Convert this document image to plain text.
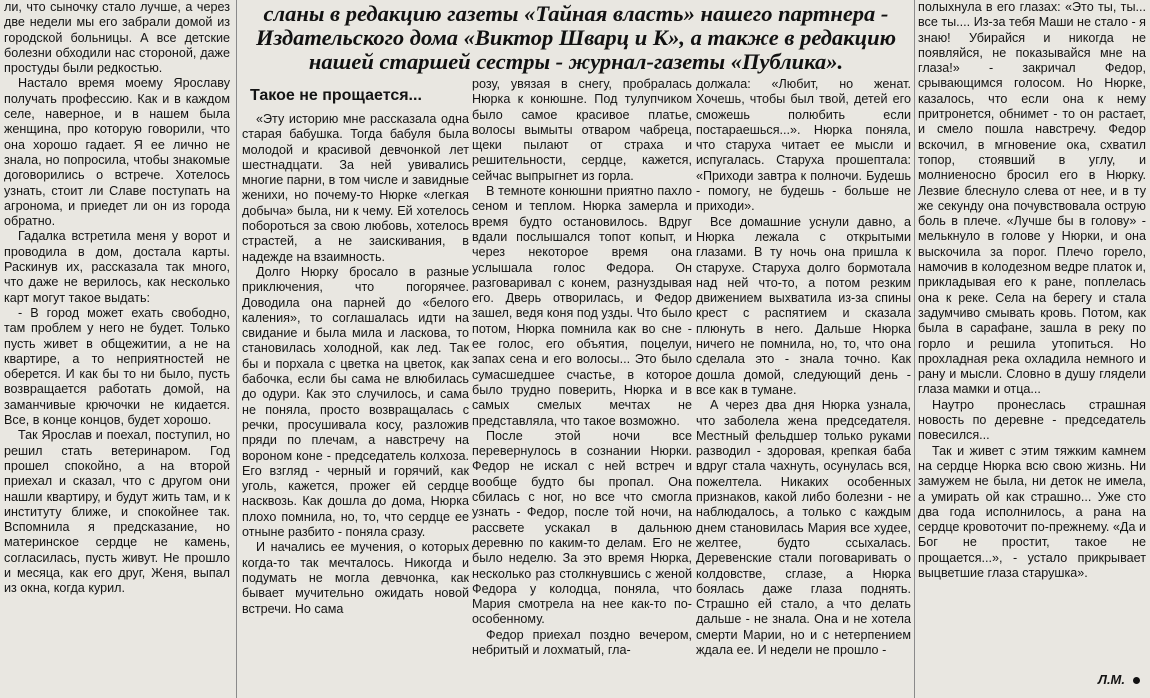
сланы в редакцию газеты «Тайная власть» нашего партнера - Издательского дома «Виктор Шварц и К», а также в редакцию нашей старшей сестры - журнал-газеты «Публика».
Такое не прощается...

ли, что сыночку стало лучше, а через две недели мы его забрали домой из городской больницы. А все детские болезни обходили нас стороной, даже простуды были редкостью.

Настало время моему Ярославу получать профессию. Как и в каждом селе, наверное, и в нашем была женщина, про которую говорили, что она хорошо гадает. Я ее лично не знала, но попросила, чтобы знакомые договорились о встрече. Хотелось узнать, стоит ли Славе поступать на агронома, и приедет ли он из города обратно.

Гадалка встретила меня у ворот и проводила в дом, достала карты. Раскинув их, рассказала так много, что даже не верилось, как несколько карт могут такое выдать:

- В город может ехать свободно, там проблем у него не будет. Только пусть живет в общежитии, а не на квартире, а то неприятностей не оберется. И как бы то ни было, пусть возвращается работать домой, на заманчивые крючочки не кидается. Все, в конце концов, будет хорошо.

Так Ярослав и поехал, поступил, но решил стать ветеринаром. Год прошел спокойно, а на второй приехал и сказал, что с другом они нашли квартиру, и будут жить там, и к институту ближе, и спокойнее так. Вспомнила я предсказание, но материнское сердце не камень, согласилась, пусть живут. Не прошло и месяца, как его друг, Женя, выпал из окна, когда курил.

«Эту историю мне рассказала одна старая бабушка. Тогда бабуля была молодой и красивой девчонкой лет шестнадцати. За ней увивались многие парни, в том числе и завидные женихи, но почему-то Нюрке «легкая добыча» была, ни к чему. Ей хотелось побороться за свою любовь, хотелось страстей, а не заискивания, в надежде на взаимность.

Долго Нюрку бросало в разные приключения, что погорячее. Доводила она парней до «белого каления», то соглашалась идти на свидание и была мила и ласкова, то становилась холодной, как лед. Так бы и порхала с цветка на цветок, как бабочка, если бы сама не влюбилась до одури. Как это случилось, и сама не поняла, просто возвращалась с речки, просушивала косу, разложив пряди по плечам, а навстречу на вороном коне - председатель колхоза. Его взгляд - черный и горячий, как уголь, кажется, прожег ей сердце насквозь. Как дошла до дома, Нюрка плохо помнила, но, то, что сердце ее отныне разбито - поняла сразу.

И начались ее мучения, о которых когда-то так мечталось. Никогда и подумать не могла девчонка, как бывает мучительно ожидать новой встречи. Но сама

розу, увязая в снегу, пробралась Нюрка к конюшне. Под тулупчиком было самое красивое платье, волосы вымыты отваром чабреца, щеки пылают от страха и решительности, сердце, кажется, сейчас выпрыгнет из горла.

В темноте конюшни приятно пахло сеном и теплом. Нюрка замерла и время будто остановилось. Вдруг вдали послышался топот копыт, и через некоторое время она услышала голос Федора. Он разговаривал с конем, разнуздывая его. Дверь отворилась, и Федор зашел, ведя коня под узды. Что было потом, Нюрка помнила как во сне - ее голос, его объятия, поцелуи, запах сена и его волосы... Это было сумасшедшее счастье, в которое было трудно поверить, Нюрка и в самых смелых мечтах не представляла, что такое возможно.

После этой ночи все перевернулось в сознании Нюрки. Федор не искал с ней встреч и вообще будто бы пропал. Она сбилась с ног, но все что смогла узнать - Федор, после той ночи, на рассвете ускакал в дальнюю деревню по каким-то делам. Его не было неделю. За это время Нюрка, несколько раз столкнувшись с женой Федора у колодца, поняла, что Мария смотрела на нее как-то по-особенному.

Федор приехал поздно вечером, небритый и лохматый, гла-

должала: «Любит, но женат. Хочешь, чтобы был твой, детей его сможешь полюбить если постараешься...». Нюрка поняла, что старуха читает ее мысли и испугалась. Старуха прошептала: «Приходи завтра к полночи. Будешь - помогу, не будешь - больше не приходи».

Все домашние уснули давно, а Нюрка лежала с открытыми глазами. В ту ночь она пришла к старухе. Старуха долго бормотала над ней что-то, а потом резким движением выхватила из-за спины крест с распятием и сказала плюнуть в него. Дальше Нюрка ничего не помнила, но, то, что она сделала это - знала точно. Как дошла домой, следующий день - все как в тумане.

А через два дня Нюрка узнала, что заболела жена председателя. Местный фельдшер только руками разводил - здоровая, крепкая баба вдруг стала чахнуть, осунулась вся, пожелтела. Никаких особенных признаков, какой либо болезни - не наблюдалось, а только с каждым днем становилась Мария все худее, желтее, будто ссыхалась. Деревенские стали поговаривать о колдовстве, сглазе, а Нюрка боялась даже глаза поднять. Страшно ей стало, а что делать дальше - не знала. Она и не хотела смерти Марии, но и с нетерпением ждала ее. И недели не прошло -

полыхнула в его глазах: «Это ты, ты... все ты.... Из-за тебя Маши не стало - я знаю! Убирайся и никогда не появляйся, не показывайся мне на глаза!» - закричал Федор, срывающимся голосом. Но Нюрке, казалось, что если она к нему притронется, обнимет - то он растает, и смело пошла навстречу. Федор вскочил, в мгновение ока, схватил топор, стоявший в углу, и молниеносно бросил его в Нюрку. Лезвие блеснуло слева от нее, и в ту же секунду она почувствовала острую боль в плече. «Лучше бы в голову» - мелькнуло в голове у Нюрки, и она выскочила за порог. Плечо горело, намочив в колодезном ведре платок и, прикладывая его к ране, поплелась она к реке. Села на берегу и стала задумчиво смывать кровь. Потом, как была в сарафане, зашла в реку по горло и решила утопиться. Но прохладная река охладила немного и рану и мысли. Словно в душу глядели глаза мамки и отца...

Наутро пронеслась страшная новость по деревне - председатель повесился...

Так и живет с этим тяжким камнем на сердце Нюрка всю свою жизнь. Ни замужем не была, ни деток не имела, а умирать ой как страшно... Уже сто два года исполнилось, а рана на сердце кровоточит по-прежнему. «Да и Бог не простит, такое не прощается...», - устало прикрывает выцветшие глаза старушка».

Л.М.
